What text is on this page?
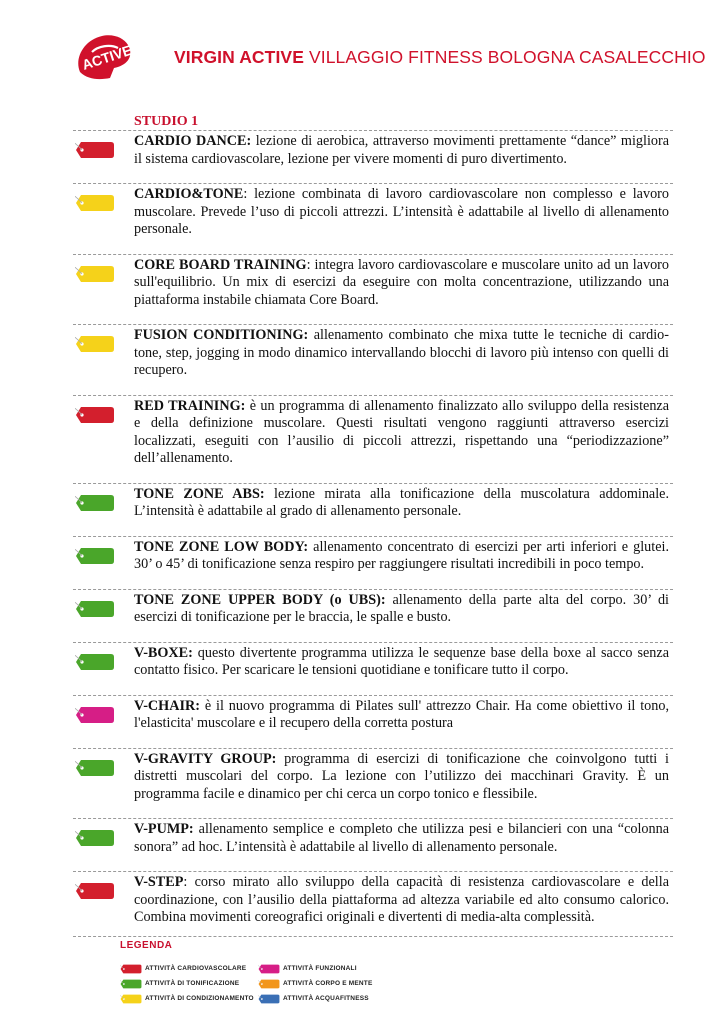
ACTIVE VIRGIN ACTIVE VILLAGGIO FITNESS BOLOGNA CASALECCHIO
STUDIO 1
CARDIO DANCE: lezione di aerobica, attraverso movimenti prettamente “dance” migliora il sistema cardiovascolare, lezione per vivere momenti di puro divertimento.
CARDIO&TONE: lezione combinata di lavoro cardiovascolare non complesso e lavoro muscolare. Prevede l’uso di piccoli attrezzi. L’intensità è adattabile al livello di allenamento personale.
CORE BOARD TRAINING: integra lavoro cardiovascolare e muscolare unito ad un lavoro sull'equilibrio. Un mix di esercizi da eseguire con molta concentrazione, utilizzando una piattaforma instabile chiamata Core Board.
FUSION CONDITIONING: allenamento combinato che mixa tutte le tecniche di cardio-tone, step, jogging in modo dinamico intervallando blocchi di lavoro più intenso con quelli di recupero.
RED TRAINING: è un programma di allenamento finalizzato allo sviluppo della resistenza e della definizione muscolare. Questi risultati vengono raggiunti attraverso esercizi localizzati, eseguiti con l’ausilio di piccoli attrezzi, rispettando una “periodizzazione” dell’allenamento.
TONE ZONE ABS: lezione mirata alla tonificazione della muscolatura addominale. L’intensità è adattabile al grado di allenamento personale.
TONE ZONE LOW BODY: allenamento concentrato di esercizi per arti inferiori e glutei. 30’ o 45’ di tonificazione senza respiro per raggiungere risultati incredibili in poco tempo.
TONE ZONE UPPER BODY (o UBS): allenamento della parte alta del corpo. 30’ di esercizi di tonificazione per le braccia, le spalle e busto.
V-BOXE: questo divertente programma utilizza le sequenze base della boxe al sacco senza contatto fisico. Per scaricare le tensioni quotidiane e tonificare tutto il corpo.
V-CHAIR: è il nuovo programma di Pilates sull' attrezzo Chair. Ha come obiettivo il tono, l'elasticita' muscolare e il recupero della corretta postura
V-GRAVITY GROUP: programma di esercizi di tonificazione che coinvolgono tutti i distretti muscolari del corpo. La lezione con l’utilizzo dei macchinari Gravity. È un programma facile e dinamico per chi cerca un corpo tonico e flessibile.
V-PUMP: allenamento semplice e completo che utilizza pesi e bilancieri con una “colonna sonora” ad hoc. L’intensità è adattabile al livello di allenamento personale.
V-STEP: corso mirato allo sviluppo della capacità di resistenza cardiovascolare e della coordinazione, con l’ausilio della piattaforma ad altezza variabile ed alto consumo calorico. Combina movimenti coreografici originali e divertenti di media-alta complessità.
LEGENDA
ATTIVITÀ CARDIOVASCOLARE
ATTIVITÀ DI TONIFICAZIONE
ATTIVITÀ DI CONDIZIONAMENTO
ATTIVITÀ FUNZIONALI
ATTIVITÀ CORPO E MENTE
ATTIVITÀ ACQUAFITNESS
